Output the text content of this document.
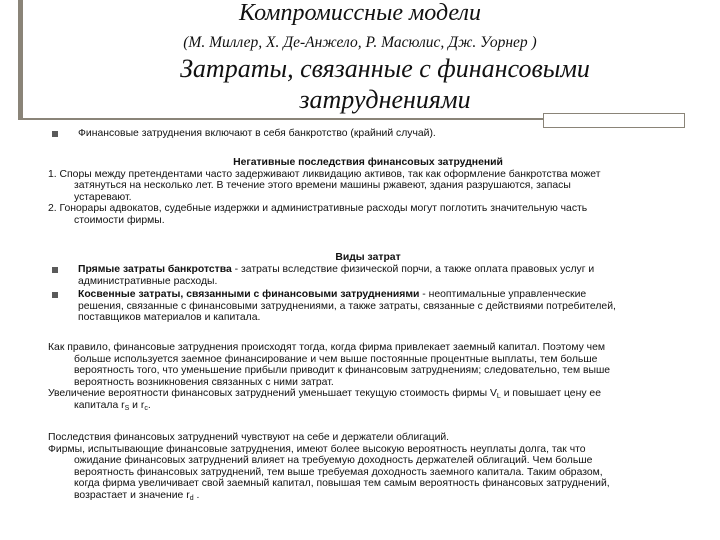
Компромиссные модели
(М. Миллер, Х. Де-Анжело, Р. Масюлис, Дж. Уорнер )
Затраты, связанные с финансовыми
затруднениями
Финансовые затруднения включают в себя банкротство (крайний случай).
Негативные последствия финансовых затруднений
1. Споры между претендентами часто задерживают ликвидацию активов, так как оформление банкротства может
затянуться на несколько лет. В течение этого времени машины ржавеют, здания разрушаются, запасы
устаревают.
2. Гонорары адвокатов, судебные издержки и административные расходы могут поглотить значительную часть
стоимости фирмы.
Виды затрат
Прямые затраты банкротства - затраты вследствие физической порчи, а также оплата правовых услуг и
административные расходы.
Косвенные затраты, связанными с финансовыми затруднениями - неоптимальные управленческие
решения, связанные с финансовыми затруднениями, а также затраты, связанные с действиями потребителей,
поставщиков материалов и капитала.
Как правило, финансовые затруднения происходят тогда, когда фирма привлекает заемный капитал. Поэтому чем
больше используется заемное финансирование и чем выше постоянные процентные выплаты, тем больше
вероятность того, что уменьшение прибыли приводит к финансовым затруднениям; следовательно, тем выше
вероятность возникновения связанных с ними затрат.
Увеличение вероятности финансовых затруднений уменьшает текущую стоимость фирмы $V_L$ и повышает цену ее
капитала $r_S$ и $r_с$.
Последствия финансовых затруднений чувствуют на себе и держатели облигаций.
Фирмы, испытывающие финансовые затруднения, имеют более высокую вероятность неуплаты долга, так что
ожидание финансовых затруднений влияет на требуемую доходность держателей облигаций. Чем больше
вероятность финансовых затруднений, тем выше требуемая доходность заемного капитала. Таким образом,
когда фирма увеличивает свой заемный капитал, повышая тем самым вероятность финансовых затруднений,
возрастает и значение $r_d$ .
